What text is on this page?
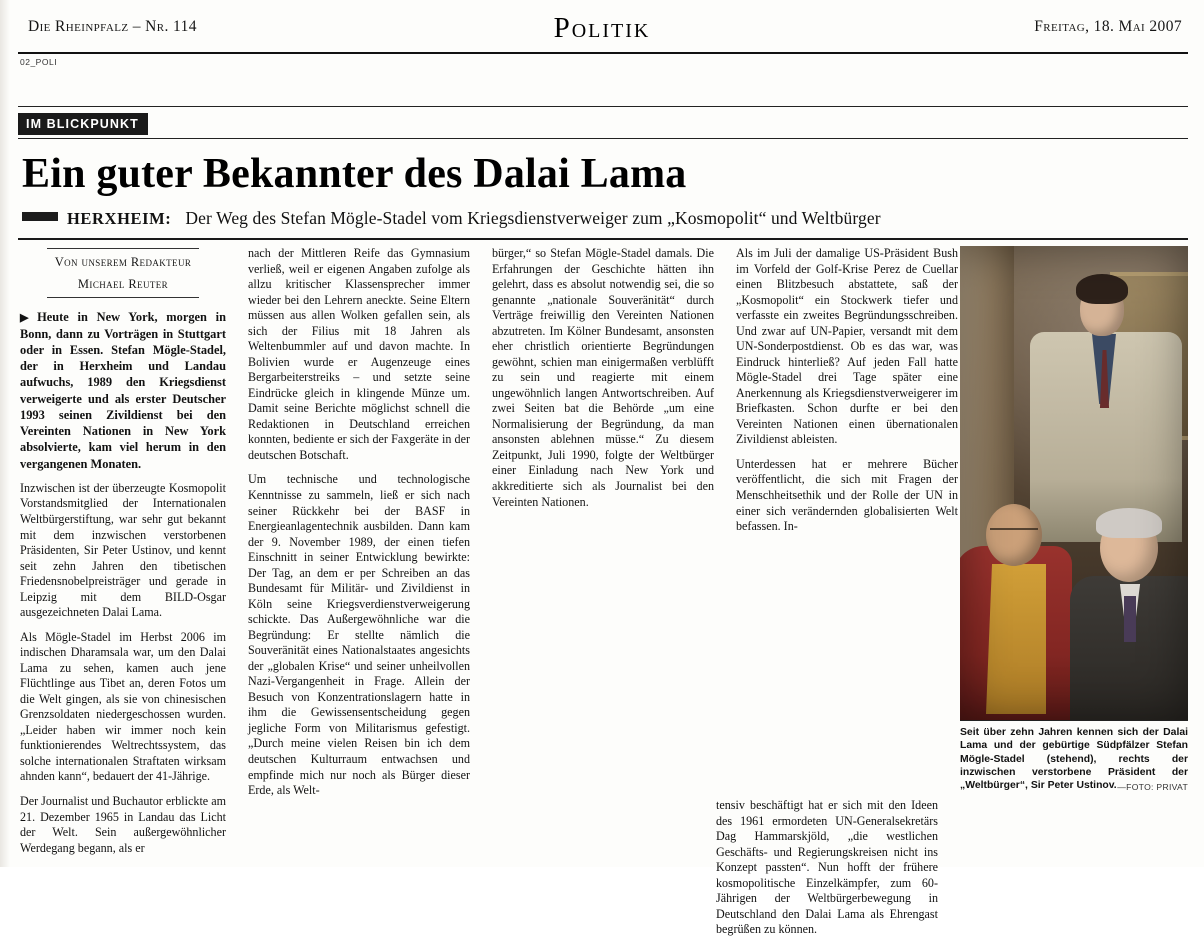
Die Rheinpfalz – Nr. 114	Politik	Freitag, 18. Mai 2007
02_POLI
IM BLICKPUNKT
Ein guter Bekannter des Dalai Lama
HERXHEIM: Der Weg des Stefan Mögle-Stadel vom Kriegsdienstverweiger zum „Kosmopolit“ und Weltbürger
Von unserem Redakteur
Michael Reuter

▶ Heute in New York, morgen in Bonn, dann zu Vorträgen in Stuttgart oder in Essen. Stefan Mögle-Stadel, der in Herxheim und Landau aufwuchs, 1989 den Kriegsdienst verweigerte und als erster Deutscher 1993 seinen Zivildienst bei den Vereinten Nationen in New York absolvierte, kam viel herum in den vergangenen Monaten.

Inzwischen ist der überzeugte Kosmopolit Vorstandsmitglied der Internationalen Weltbürgerstiftung, war sehr gut bekannt mit dem inzwischen verstorbenen Präsidenten, Sir Peter Ustinov, und kennt seit zehn Jahren den tibetischen Friedensnobelpreisträger und gerade in Leipzig mit dem BILD-Osgar ausgezeichneten Dalai Lama.

Als Mögle-Stadel im Herbst 2006 im indischen Dharamsala war, um den Dalai Lama zu sehen, kamen auch jene Flüchtlinge aus Tibet an, deren Fotos um die Welt gingen, als sie von chinesischen Grenzsoldaten niedergeschossen wurden. „Leider haben wir immer noch kein funktionierendes Weltrechtssystem, das solche internationalen Straftaten wirksam ahnden kann“, bedauert der 41-Jährige.

Der Journalist und Buchautor erblickte am 21. Dezember 1965 in Landau das Licht der Welt. Sein außergewöhnlicher Werdegang begann, als er

nach der Mittleren Reife das Gymnasium verließ, weil er eigenen Angaben zufolge als allzu kritischer Klassensprecher immer wieder bei den Lehrern aneckte. Seine Eltern müssen aus allen Wolken gefallen sein, als sich der Filius mit 18 Jahren als Weltenbummler auf und davon machte. In Bolivien wurde er Augenzeuge eines Bergarbeiterstreiks – und setzte seine Eindrücke gleich in klingende Münze um. Damit seine Berichte möglichst schnell die Redaktionen in Deutschland erreichen konnten, bediente er sich der Faxgeräte in der deutschen Botschaft.

Um technische und technologische Kenntnisse zu sammeln, ließ er sich nach seiner Rückkehr bei der BASF in Energieanlagentechnik ausbilden. Dann kam der 9. November 1989, der einen tiefen Einschnitt in seiner Entwicklung bewirkte: Der Tag, an dem er per Schreiben an das Bundesamt für Militär- und Zivildienst in Köln seine Kriegsverdienstverweigerung schickte. Das Außergewöhnliche war die Begründung: Er stellte nämlich die Souveränität eines Nationalstaates angesichts der „globalen Krise“ und seiner unheilvollen Nazi-Vergangenheit in Frage. Allein der Besuch von Konzentrationslagern hatte in ihm die Gewissensentscheidung gegen jegliche Form von Militarismus gefestigt. „Durch meine vielen Reisen bin ich dem deutschen Kulturraum entwachsen und empfinde mich nur noch als Bürger dieser Erde, als Welt-

bürger,“ so Stefan Mögle-Stadel damals. Die Erfahrungen der Geschichte hätten ihn gelehrt, dass es absolut notwendig sei, die so genannte „nationale Souveränität“ durch Verträge freiwillig den Vereinten Nationen abzutreten. Im Kölner Bundesamt, ansonsten eher christlich orientierte Begründungen gewöhnt, schien man einigermaßen verblüfft zu sein und reagierte mit einem ungewöhnlich langen Antwortschreiben. Auf zwei Seiten bat die Behörde „um eine Normalisierung der Begründung, da man ansonsten ablehnen müsse.“ Zu diesem Zeitpunkt, Juli 1990, folgte der Weltbürger einer Einladung nach New York und akkreditierte sich als Journalist bei den Vereinten Nationen.

Als im Juli der damalige US-Präsident Bush im Vorfeld der Golf-Krise Perez de Cuellar einen Blitzbesuch abstattete, saß der „Kosmopolit“ ein Stockwerk tiefer und verfasste ein zweites Begründungsschreiben. Und zwar auf UN-Papier, versandt mit dem UN-Sonderpostdienst. Ob es das war, was Eindruck hinterließ? Auf jeden Fall hatte Mögle-Stadel drei Tage später eine Anerkennung als Kriegsdienstverweigerer im Briefkasten. Schon durfte er bei den Vereinten Nationen einen übernationalen Zivildienst ableisten.

Unterdessen hat er mehrere Bücher veröffentlicht, die sich mit Fragen der Menschheitsethik und der Rolle der UN in einer sich verändernden globalisierten Welt befassen. In-

Seit über zehn Jahren kennen sich der Dalai Lama und der gebürtige Südpfälzer Stefan Mögle-Stadel (stehend), rechts der inzwischen verstorbene Präsident der „Weltbürger“, Sir Peter Ustinov. —FOTO: PRIVAT

tensiv beschäftigt hat er sich mit den Ideen des 1961 ermordeten UN-Generalsekretärs Dag Hammarskjöld, „die westlichen Geschäfts- und Regierungskreisen nicht ins Konzept passten“. Nun hofft der frühere kosmopolitische Einzelkämpfer, zum 60-Jährigen der Weltbürgerbewegung in Deutschland den Dalai Lama als Ehrengast begrüßen zu können.
